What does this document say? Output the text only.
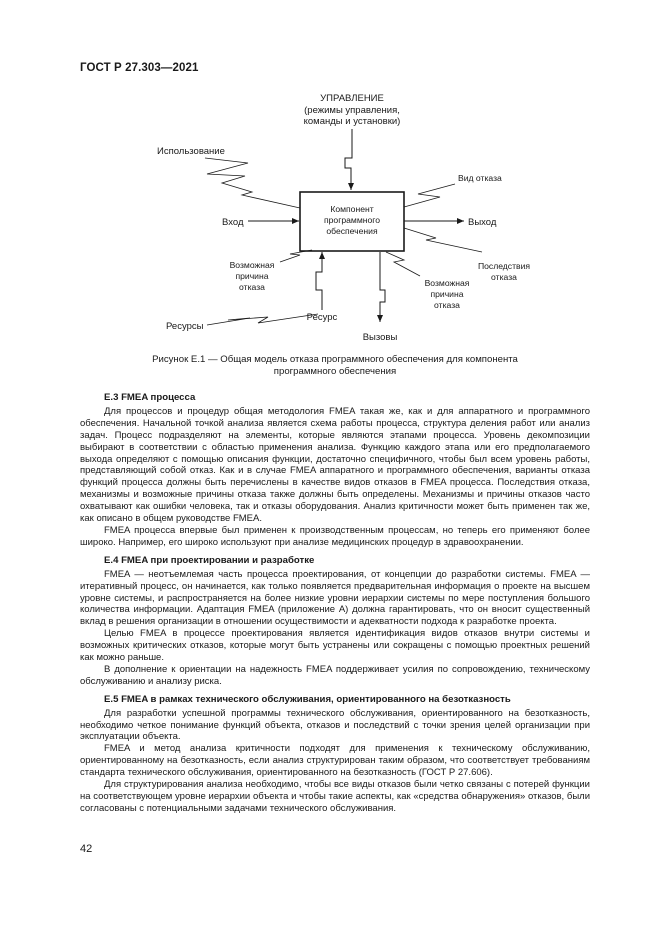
ГОСТ Р 27.303—2021
УПРАВЛЕНИЕ
(режимы управления,
команды и установки)
Использование
Компонент
программного
обеспечения
Вход	Выход
Вид отказа
Последствия
отказа
Возможная
причина
отказа	Возможная
причина
отказа
Ресурс
Ресурсы
Вызовы
Рисунок Е.1 — Общая модель отказа программного обеспечения для компонента программного обеспечения
Е.3 FMEA процесса

Для процессов и процедур общая методология FMEA такая же, как и для аппаратного и программного обеспечения. Начальной точкой анализа является схема работы процесса, структура деления работ или анализ задач. Процесс подразделяют на элементы, которые являются этапами процесса. Уровень декомпозиции выбирают в соответствии с областью применения анализа. Функцию каждого этапа или его предполагаемого выхода определяют с помощью описания функции, достаточно специфичного, чтобы был всем уровень работы, представляющий собой отказ. Как и в случае FMEA аппаратного и программного обеспечения, варианты отказа функций процесса должны быть перечислены в качестве видов отказов в FMEA процесса. Последствия отказа, механизмы и возможные причины отказа также должны быть определены. Механизмы и причины отказов часто охватывают как ошибки человека, так и отказы оборудования. Анализ критичности может быть применен так же, как описано в общем руководстве FMEA.

FMEA процесса впервые был применен к производственным процессам, но теперь его применяют более широко. Например, его широко используют при анализе медицинских процедур в здравоохранении.

Е.4 FMEA при проектировании и разработке

FMEA — неотъемлемая часть процесса проектирования, от концепции до разработки системы. FMEA — итеративный процесс, он начинается, как только появляется предварительная информация о проекте на высшем уровне системы, и распространяется на более низкие уровни иерархии системы по мере поступления большого количества информации. Адаптация FMEA (приложение А) должна гарантировать, что он вносит существенный вклад в решения организации в отношении осуществимости и адекватности подхода к разработке проекта.

Целью FMEA в процессе проектирования является идентификация видов отказов внутри системы и возможных критических отказов, которые могут быть устранены или сокращены с помощью проектных решений как можно раньше.

В дополнение к ориентации на надежность FMEA поддерживает усилия по сопровождению, техническому обслуживанию и анализу риска.

Е.5 FMEA в рамках технического обслуживания, ориентированного на безотказность

Для разработки успешной программы технического обслуживания, ориентированного на безотказность, необходимо четкое понимание функций объекта, отказов и последствий с точки зрения целей организации при эксплуатации объекта.

FMEA и метод анализа критичности подходят для применения к техническому обслуживанию, ориентированному на безотказность, если анализ структурирован таким образом, что соответствует требованиям стандарта технического обслуживания, ориентированного на безотказность (ГОСТ Р 27.606).

Для структурирования анализа необходимо, чтобы все виды отказов были четко связаны с потерей функции на соответствующем уровне иерархии объекта и чтобы такие аспекты, как «средства обнаружения» отказов, были согласованы с потенциальными задачами технического обслуживания.

42
